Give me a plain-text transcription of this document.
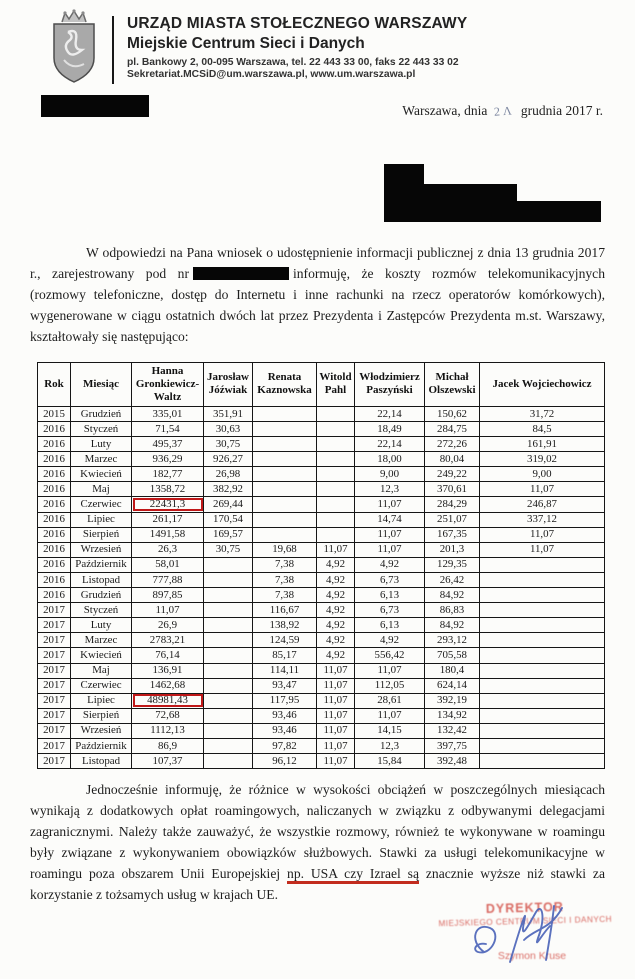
URZĄD MIASTA STOŁECZNEGO WARSZAWY
Miejskie Centrum Sieci i Danych
pl. Bankowy 2, 00-095 Warszawa, tel. 22 443 33 00, faks 22 443 33 02
Sekretariat.MCSiD@um.warszawa.pl, www.um.warszawa.pl
Warszawa, dnia 2Λ grudnia 2017 r.
W odpowiedzi na Pana wniosek o udostępnienie informacji publicznej z dnia 13 grudnia 2017 r., zarejestrowany pod nr	informuję, że koszty rozmów telekomunikacyjnych (rozmowy telefoniczne, dostęp do Internetu i inne rachunki na rzecz operatorów komórkowych), wygenerowane w ciągu ostatnich dwóch lat przez Prezydenta i Zastępców Prezydenta m.st. Warszawy, kształtowały się następująco:
Rok	Miesiąc	Hanna Gronkiewicz-Waltz	Jarosław Jóźwiak	Renata Kaznowska	Witold Pahl	Włodzimierz Paszyński	Michał Olszewski	Jacek Wojciechowicz
2015	Grudzień	335,01	351,91			22,14	150,62	31,72
2016	Styczeń	71,54	30,63			18,49	284,75	84,5
2016	Luty	495,37	30,75			22,14	272,26	161,91
2016	Marzec	936,29	926,27			18,00	80,04	319,02
2016	Kwiecień	182,77	26,98			9,00	249,22	9,00
2016	Maj	1358,72	382,92			12,3	370,61	11,07
2016	Czerwiec	22431,3	269,44			11,07	284,29	246,87
2016	Lipiec	261,17	170,54			14,74	251,07	337,12
2016	Sierpień	1491,58	169,57			11,07	167,35	11,07
2016	Wrzesień	26,3	30,75	19,68	11,07	11,07	201,3	11,07
2016	Październik	58,01		7,38	4,92	4,92	129,35	
2016	Listopad	777,88		7,38	4,92	6,73	26,42	
2016	Grudzień	897,85		7,38	4,92	6,13	84,92	
2017	Styczeń	11,07		116,67	4,92	6,73	86,83	
2017	Luty	26,9		138,92	4,92	6,13	84,92	
2017	Marzec	2783,21		124,59	4,92	4,92	293,12	
2017	Kwiecień	76,14		85,17	4,92	556,42	705,58	
2017	Maj	136,91		114,11	11,07	11,07	180,4	
2017	Czerwiec	1462,68		93,47	11,07	112,05	624,14	
2017	Lipiec	48981,43		117,95	11,07	28,61	392,19	
2017	Sierpień	72,68		93,46	11,07	11,07	134,92	
2017	Wrzesień	1112,13		93,46	11,07	14,15	132,42	
2017	Październik	86,9		97,82	11,07	12,3	397,75	
2017	Listopad	107,37		96,12	11,07	15,84	392,48	
Jednocześnie informuję, że różnice w wysokości obciążeń w poszczególnych miesiącach wynikają z dodatkowych opłat roamingowych, naliczanych w związku z odbywanymi delegacjami zagranicznymi. Należy także zauważyć, że wszystkie rozmowy, również te wykonywane w roamingu były związane z wykonywaniem obowiązków służbowych. Stawki za usługi telekomunikacyjne w roamingu poza obszarem Unii Europejskiej np. USA czy Izrael są znacznie wyższe niż stawki za korzystanie z tożsamych usług w krajach UE.
DYREKTOR
MIEJSKIEGO CENTRUM SIECI I DANYCH
Szymon Kruse
